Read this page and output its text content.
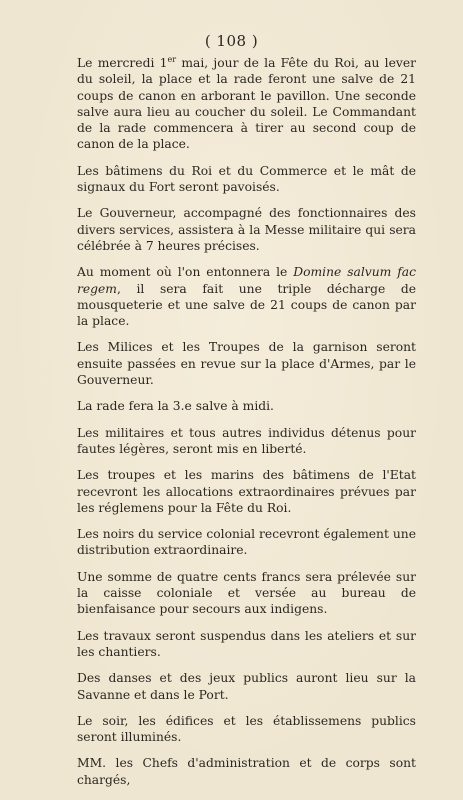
( 108 )

Le mercredi 1er mai, jour de la Fête du Roi, au lever du soleil, la place et la rade feront une salve de 21 coups de canon en arborant le pavillon. Une seconde salve aura lieu au coucher du soleil. Le Commandant de la rade commencera à tirer au second coup de canon de la place.

Les bâtimens du Roi et du Commerce et le mât de signaux du Fort seront pavoisés.

Le Gouverneur, accompagné des fonctionnaires des divers services, assistera à la Messe militaire qui sera célébrée à 7 heures précises.

Au moment où l'on entonnera le Domine salvum fac regem, il sera fait une triple décharge de mousqueterie et une salve de 21 coups de canon par la place.

Les Milices et les Troupes de la garnison seront ensuite passées en revue sur la place d'Armes, par le Gouverneur.

La rade fera la 3.e salve à midi.

Les militaires et tous autres individus détenus pour fautes légères, seront mis en liberté.

Les troupes et les marins des bâtimens de l'Etat recevront les allocations extraordinaires prévues par les réglemens pour la Fête du Roi.

Les noirs du service colonial recevront également une distribution extraordinaire.

Une somme de quatre cents francs sera prélevée sur la caisse coloniale et versée au bureau de bienfaisance pour secours aux indigens.

Les travaux seront suspendus dans les ateliers et sur les chantiers.

Des danses et des jeux publics auront lieu sur la Savanne et dans le Port.

Le soir, les édifices et les établissemens publics seront illuminés.

MM. les Chefs d'administration et de corps sont chargés,
